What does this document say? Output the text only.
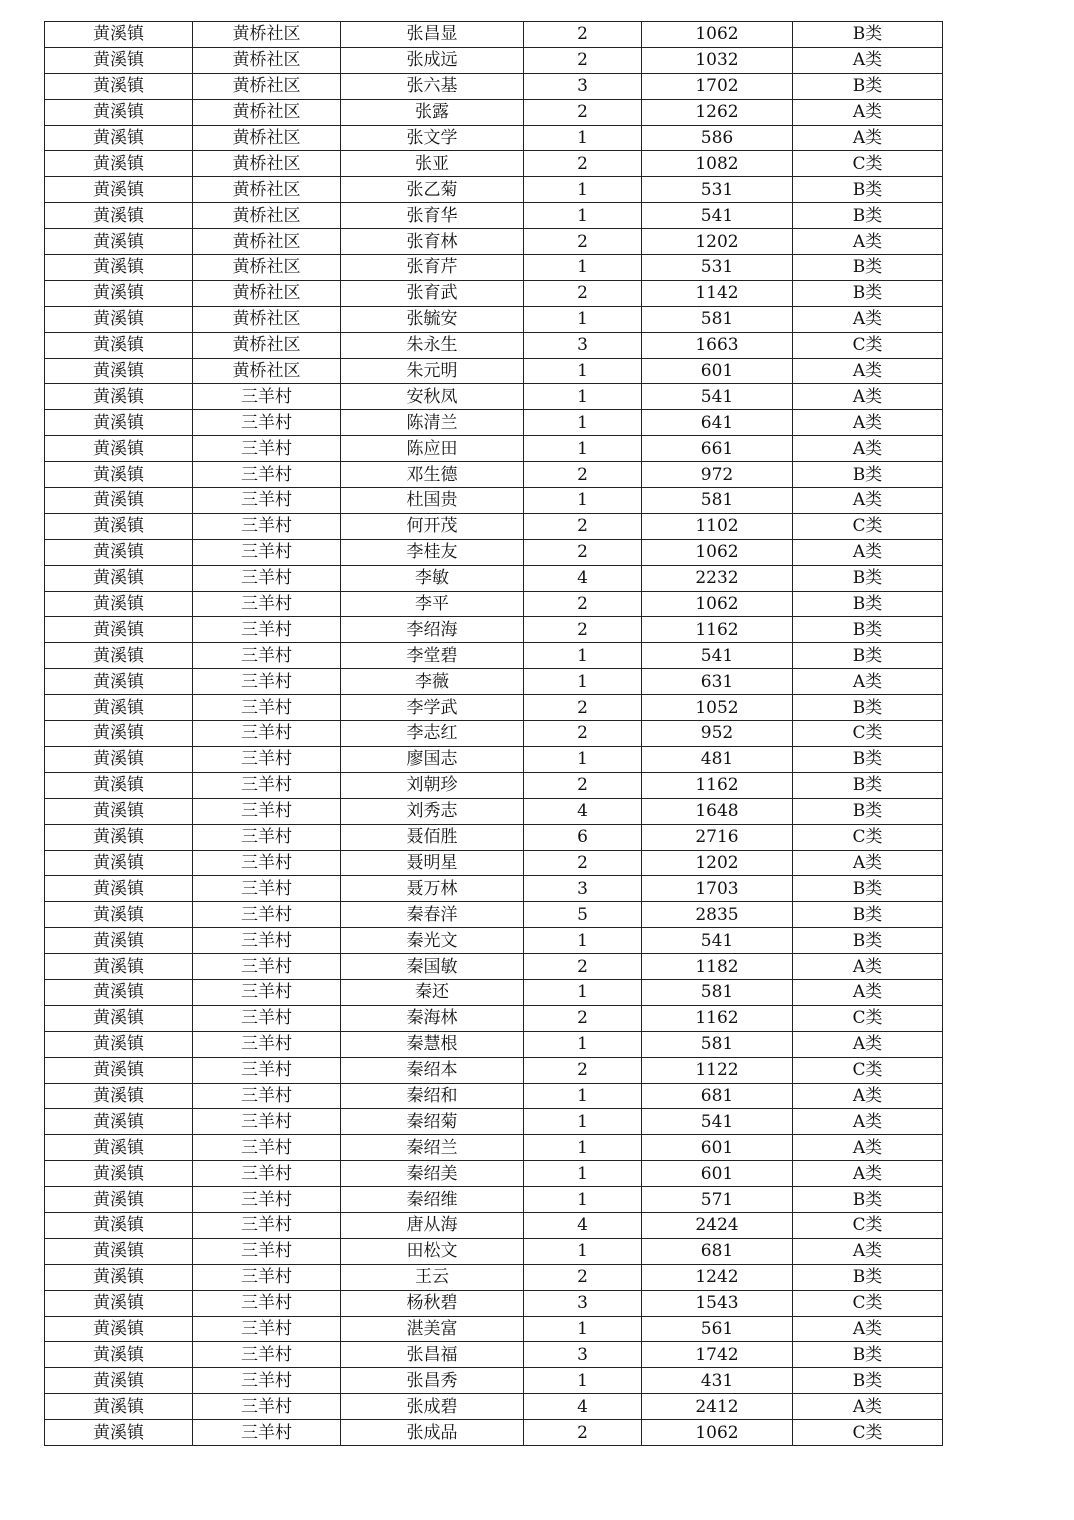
黄溪镇	黄桥社区	张昌显	2	1062	B类
黄溪镇	黄桥社区	张成远	2	1032	A类
黄溪镇	黄桥社区	张六基	3	1702	B类
黄溪镇	黄桥社区	张露	2	1262	A类
黄溪镇	黄桥社区	张文学	1	586	A类
黄溪镇	黄桥社区	张亚	2	1082	C类
黄溪镇	黄桥社区	张乙菊	1	531	B类
黄溪镇	黄桥社区	张育华	1	541	B类
黄溪镇	黄桥社区	张育林	2	1202	A类
黄溪镇	黄桥社区	张育芹	1	531	B类
黄溪镇	黄桥社区	张育武	2	1142	B类
黄溪镇	黄桥社区	张毓安	1	581	A类
黄溪镇	黄桥社区	朱永生	3	1663	C类
黄溪镇	黄桥社区	朱元明	1	601	A类
黄溪镇	三羊村	安秋凤	1	541	A类
黄溪镇	三羊村	陈清兰	1	641	A类
黄溪镇	三羊村	陈应田	1	661	A类
黄溪镇	三羊村	邓生德	2	972	B类
黄溪镇	三羊村	杜国贵	1	581	A类
黄溪镇	三羊村	何开茂	2	1102	C类
黄溪镇	三羊村	李桂友	2	1062	A类
黄溪镇	三羊村	李敏	4	2232	B类
黄溪镇	三羊村	李平	2	1062	B类
黄溪镇	三羊村	李绍海	2	1162	B类
黄溪镇	三羊村	李堂碧	1	541	B类
黄溪镇	三羊村	李薇	1	631	A类
黄溪镇	三羊村	李学武	2	1052	B类
黄溪镇	三羊村	李志红	2	952	C类
黄溪镇	三羊村	廖国志	1	481	B类
黄溪镇	三羊村	刘朝珍	2	1162	B类
黄溪镇	三羊村	刘秀志	4	1648	B类
黄溪镇	三羊村	聂佰胜	6	2716	C类
黄溪镇	三羊村	聂明星	2	1202	A类
黄溪镇	三羊村	聂万林	3	1703	B类
黄溪镇	三羊村	秦春洋	5	2835	B类
黄溪镇	三羊村	秦光文	1	541	B类
黄溪镇	三羊村	秦国敏	2	1182	A类
黄溪镇	三羊村	秦还	1	581	A类
黄溪镇	三羊村	秦海林	2	1162	C类
黄溪镇	三羊村	秦慧根	1	581	A类
黄溪镇	三羊村	秦绍本	2	1122	C类
黄溪镇	三羊村	秦绍和	1	681	A类
黄溪镇	三羊村	秦绍菊	1	541	A类
黄溪镇	三羊村	秦绍兰	1	601	A类
黄溪镇	三羊村	秦绍美	1	601	A类
黄溪镇	三羊村	秦绍维	1	571	B类
黄溪镇	三羊村	唐从海	4	2424	C类
黄溪镇	三羊村	田松文	1	681	A类
黄溪镇	三羊村	王云	2	1242	B类
黄溪镇	三羊村	杨秋碧	3	1543	C类
黄溪镇	三羊村	湛美富	1	561	A类
黄溪镇	三羊村	张昌福	3	1742	B类
黄溪镇	三羊村	张昌秀	1	431	B类
黄溪镇	三羊村	张成碧	4	2412	A类
黄溪镇	三羊村	张成品	2	1062	C类
